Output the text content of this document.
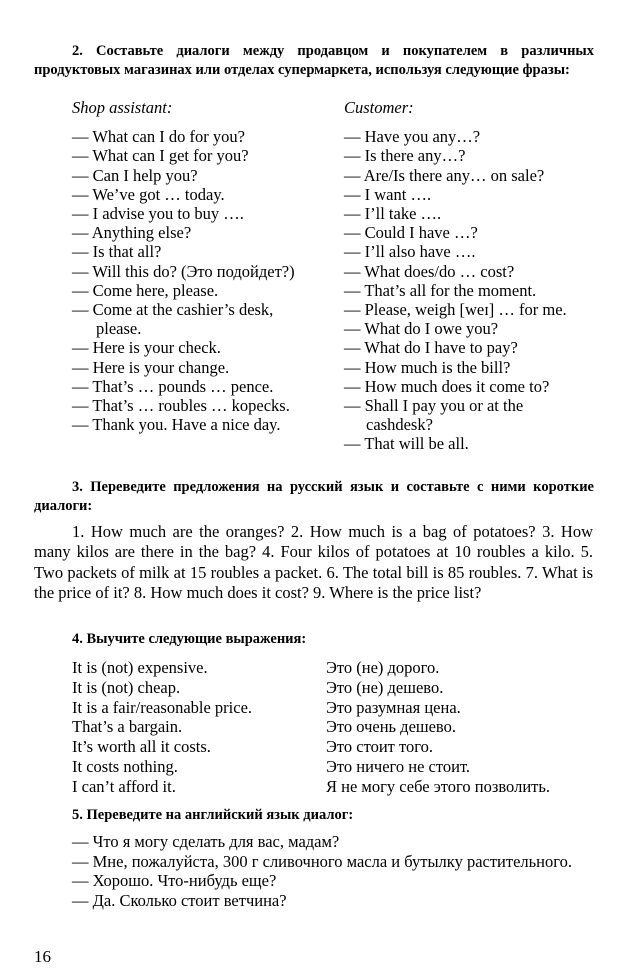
2. Составьте диалоги между продавцом и покупателем в различных продуктовых магазинах или отделах супермаркета, используя следующие фразы:
Shop assistant:
— What can I do for you?
— What can I get for you?
— Can I help you?
— We’ve got … today.
— I advise you to buy ….
— Anything else?
— Is that all?
— Will this do? (Это подойдет?)
— Come here, please.
— Come at the cashier’s desk,
please.
— Here is your check.
— Here is your change.
— That’s … pounds … pence.
— That’s … roubles … kopecks.
— Thank you. Have a nice day.
Customer:
— Have you any…?
— Is there any…?
— Are/Is there any… on sale?
— I want ….
— I’ll take ….
— Could I have …?
— I’ll also have ….
— What does/do … cost?
— That’s all for the moment.
— Please, weigh [weɪ] … for me.
— What do I owe you?
— What do I have to pay?
— How much is the bill?
— How much does it come to?
— Shall I pay you or at the
cashdesk?
— That will be all.
3. Переведите предложения на русский язык и составьте с ними короткие диалоги:
1. How much are the oranges? 2. How much is a bag of potatoes? 3. How many kilos are there in the bag? 4. Four kilos of potatoes at 10 roubles a kilo. 5. Two packets of milk at 15 roubles a packet. 6. The total bill is 85 roubles. 7. What is the price of it? 8. How much does it cost? 9. Where is the price list?
4. Выучите следующие выражения:
It is (not) expensive.
It is (not) cheap.
It is a fair/reasonable price.
That’s a bargain.
It’s worth all it costs.
It costs nothing.
I can’t afford it.
Это (не) дорого.
Это (не) дешево.
Это разумная цена.
Это очень дешево.
Это стоит того.
Это ничего не стоит.
Я не могу себе этого позволить.
5. Переведите на английский язык диалог:
— Что я могу сделать для вас, мадам?
— Мне, пожалуйста, 300 г сливочного масла и бутылку растительного.
— Хорошо. Что-нибудь еще?
— Да. Сколько стоит ветчина?
16
